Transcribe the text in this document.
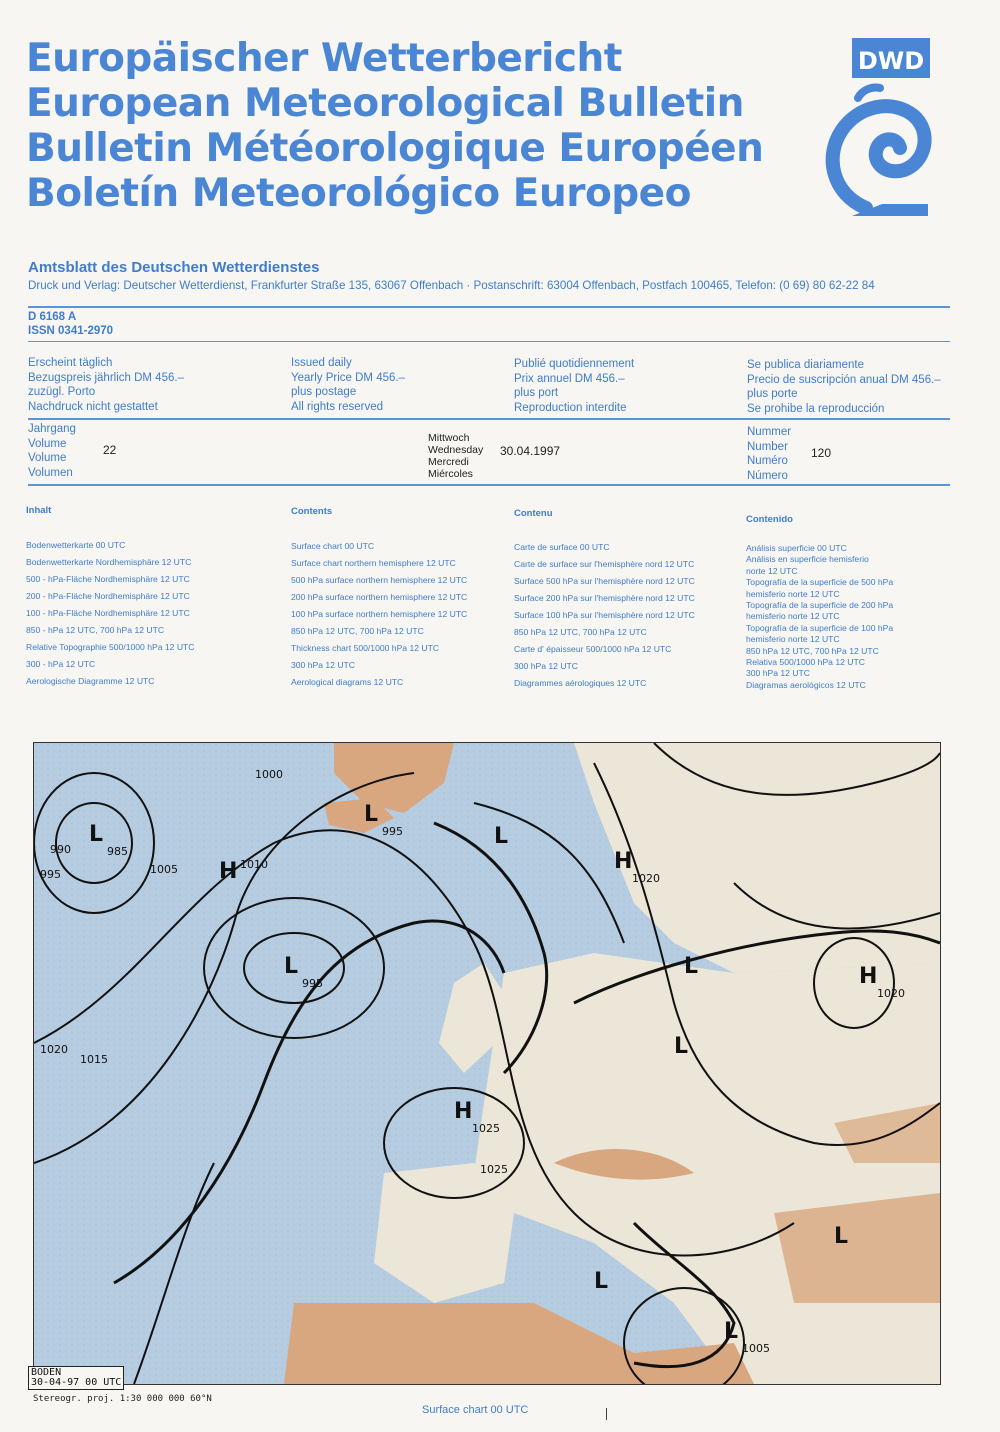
Europäischer Wetterbericht
European Meteorological Bulletin
Bulletin Météorologique Européen
Boletín Meteorológico Europeo
DWD
Amtsblatt des Deutschen Wetterdienstes
Druck und Verlag: Deutscher Wetterdienst, Frankfurter Straße 135, 63067 Offenbach · Postanschrift: 63004 Offenbach, Postfach 100465, Telefon: (0 69) 80 62-22 84
D 6168 A
ISSN 0341-2970
Erscheint täglich
Bezugspreis jährlich DM 456.–
zuzügl. Porto
Nachdruck nicht gestattet
Issued daily
Yearly Price DM 456.–
plus postage
All rights reserved
Publié quotidiennement
Prix annuel DM 456.–
plus port
Reproduction interdite
Se publica diariamente
Precio de suscripción anual DM 456.–
plus porte
Se prohibe la reproducción
Jahrgang
Volume
Volume
Volumen
22
Mittwoch
Wednesday
Mercredi
Miércoles
30.04.1997
Nummer
Number
Numéro
Número
120
Inhalt
Bodenwetterkarte 00 UTC
Bodenwetterkarte Nordhemisphäre 12 UTC
500 - hPa-Fläche Nordhemisphäre 12 UTC
200 - hPa-Fläche Nordhemisphäre 12 UTC
100 - hPa-Fläche Nordhemisphäre 12 UTC
850 - hPa 12 UTC, 700 hPa 12 UTC
Relative Topographie 500/1000 hPa 12 UTC
300 - hPa 12 UTC
Aerologische Diagramme 12 UTC
Contents
Surface chart 00 UTC
Surface chart northern hemisphere 12 UTC
500 hPa surface northern hemisphere 12 UTC
200 hPa surface northern hemisphere 12 UTC
100 hPa surface northern hemisphere 12 UTC
850 hPa 12 UTC, 700 hPa 12 UTC
Thickness chart 500/1000 hPa 12 UTC
300 hPa 12 UTC
Aerological diagrams 12 UTC
Contenu
Carte de surface 00 UTC
Carte de surface sur l'hemisphère nord 12 UTC
Surface 500 hPa sur l'hemisphère nord 12 UTC
Surface 200 hPa sur l'hemisphère nord 12 UTC
Surface 100 hPa sur l'hemisphère nord 12 UTC
850 hPa 12 UTC, 700 hPa 12 UTC
Carte d' épaisseur 500/1000 hPa 12 UTC
300 hPa 12 UTC
Diagrammes aérologiques 12 UTC
Contenido
Análisis superficie 00 UTC
Análisis en superficie hemisferio
norte 12 UTC
Topografía de la superficie de 500 hPa
hemisferio norte 12 UTC
Topografía de la superficie de 200 hPa
hemisferio norte 12 UTC
Topografía de la superficie de 100 hPa
hemisferio norte 12 UTC
850 hPa 12 UTC, 700 hPa 12 UTC
Relativa 500/1000 hPa 12 UTC
300 hPa 12 UTC
Diagramas aerológicos 12 UTC
L
985
H
L
995
L
995
L
H
1020
L
L
H
1020
H
1025
L
1005
L
L
990
995
1000
1005	1010
1015
1020
1025
BODEN
30-04-97 00 UTC
Stereogr. proj. 1:30 000 000 60°N
Surface chart 00 UTC
